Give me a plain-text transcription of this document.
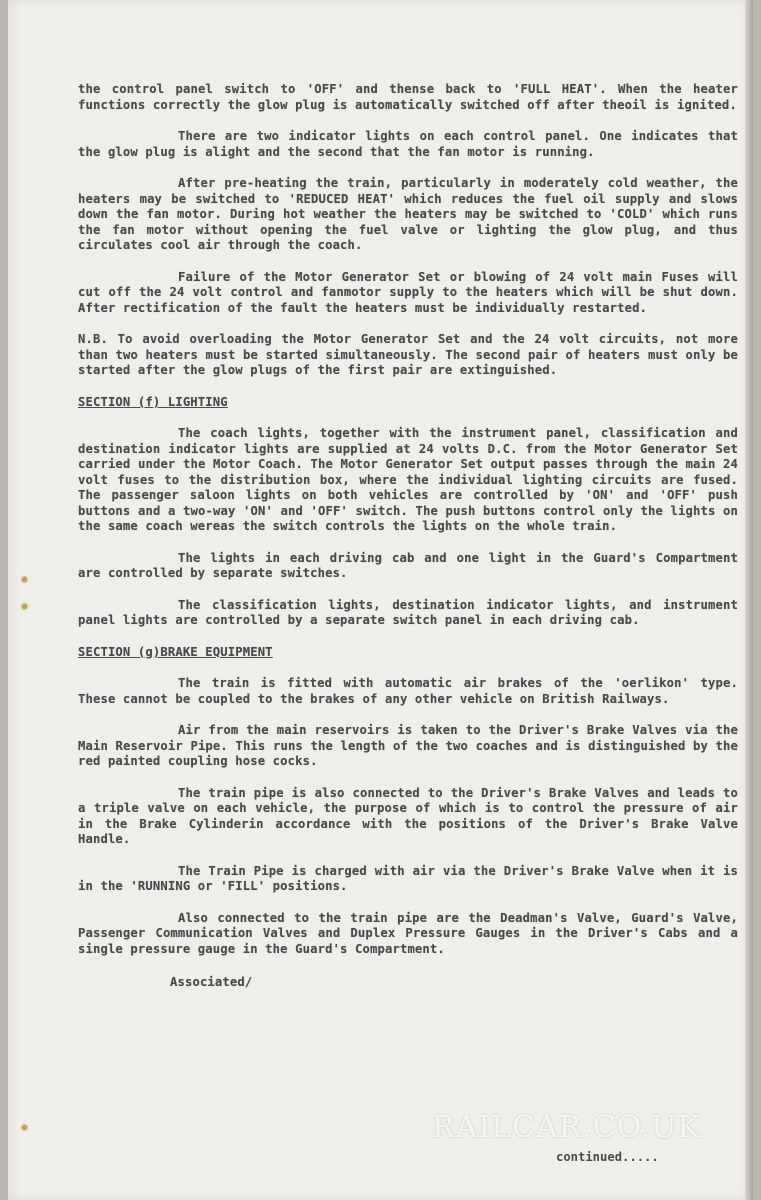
the control panel switch to 'OFF' and thense back to 'FULL HEAT'. When the heater functions correctly the glow plug is automatically switched off after theoil is ignited.

There are two indicator lights on each control panel. One indicates that the glow plug is alight and the second that the fan motor is running.

After pre-heating the train, particularly in moderately cold weather, the heaters may be switched to 'REDUCED HEAT' which reduces the fuel oil supply and slows down the fan motor. During hot weather the heaters may be switched to 'COLD' which runs the fan motor without opening the fuel valve or lighting the glow plug, and thus circulates cool air through the coach.

Failure of the Motor Generator Set or blowing of 24 volt main Fuses will cut off the 24 volt control and fanmotor supply to the heaters which will be shut down. After rectification of the fault the heaters must be individually restarted.

N.B. To avoid overloading the Motor Generator Set and the 24 volt circuits, not more than two heaters must be started simultaneously. The second pair of heaters must only be started after the glow plugs of the first pair are extinguished.

SECTION (f) LIGHTING

The coach lights, together with the instrument panel, classification and destination indicator lights are supplied at 24 volts D.C. from the Motor Generator Set carried under the Motor Coach. The Motor Generator Set output passes through the main 24 volt fuses to the distribution box, where the individual lighting circuits are fused. The passenger saloon lights on both vehicles are controlled by 'ON' and 'OFF' push buttons and a two-way 'ON' and 'OFF' switch. The push buttons control only the lights on the same coach wereas the switch controls the lights on the whole train.

The lights in each driving cab and one light in the Guard's Compartment are controlled by separate switches.

The classification lights, destination indicator lights, and instrument panel lights are controlled by a separate switch panel in each driving cab.

SECTION (g)BRAKE EQUIPMENT

The train is fitted with automatic air brakes of the 'oerlikon' type. These cannot be coupled to the brakes of any other vehicle on British Railways.

Air from the main reservoirs is taken to the Driver's Brake Valves via the Main Reservoir Pipe. This runs the length of the two coaches and is distinguished by the red painted coupling hose cocks.

The train pipe is also connected to the Driver's Brake Valves and leads to a triple valve on each vehicle, the purpose of which is to control the pressure of air in the Brake Cylinderin accordance with the positions of the Driver's Brake Valve Handle.

The Train Pipe is charged with air via the Driver's Brake Valve when it is in the 'RUNNING or 'FILL' positions.

Also connected to the train pipe are the Deadman's Valve, Guard's Valve, Passenger Communication Valves and Duplex Pressure Gauges in the Driver's Cabs and a single pressure gauge in the Guard's Compartment.

Associated/

RAILCAR.CO.UK
continued.....
